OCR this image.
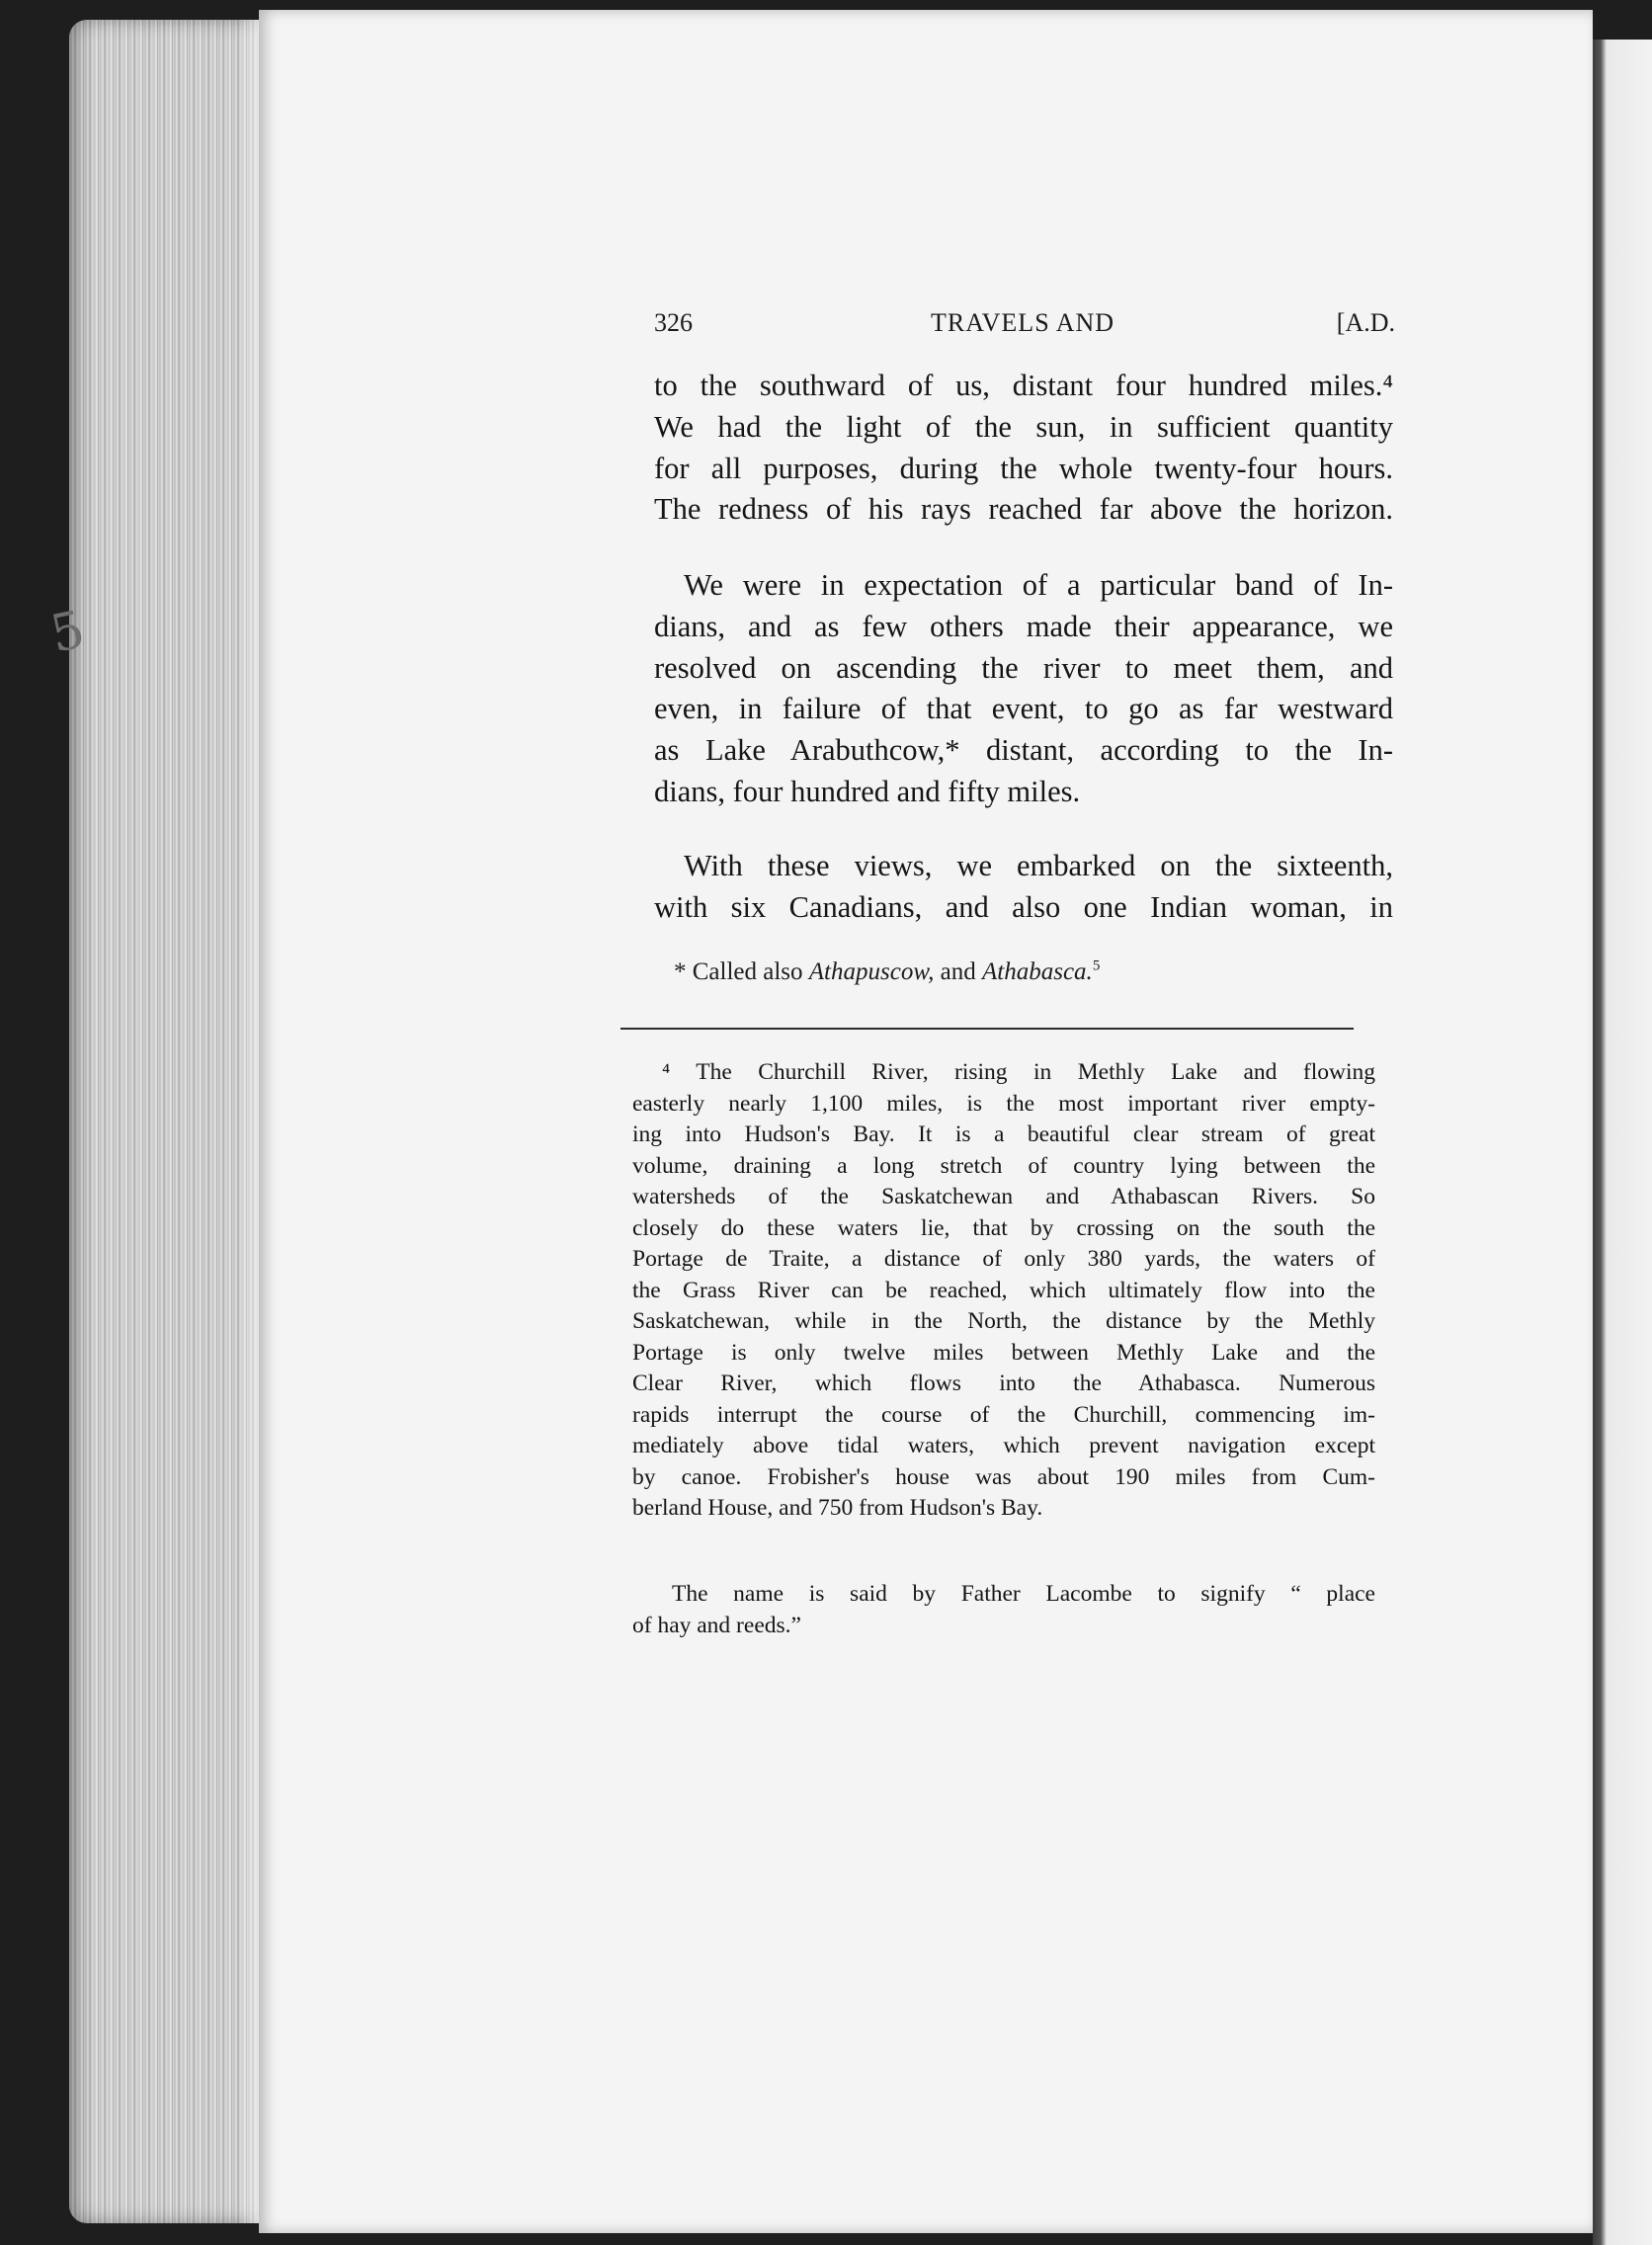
5
326	TRAVELS AND	[A.D.
to the southward of us, distant four hundred miles.⁴
We had the light of the sun, in sufficient quantity
for all purposes, during the whole twenty-four hours.
The redness of his rays reached far above the horizon.
We were in expectation of a particular band of In-
dians, and as few others made their appearance, we
resolved on ascending the river to meet them, and
even, in failure of that event, to go as far westward
as Lake Arabuthcow,* distant, according to the In-
dians, four hundred and fifty miles.
With these views, we embarked on the sixteenth,
with six Canadians, and also one Indian woman, in
* Called also Athapuscow, and Athabasca.$^5$
⁴ The Churchill River, rising in Methly Lake and flowing
easterly nearly 1,100 miles, is the most important river empty-
ing into Hudson's Bay. It is a beautiful clear stream of great
volume, draining a long stretch of country lying between the
watersheds of the Saskatchewan and Athabascan Rivers. So
closely do these waters lie, that by crossing on the south the
Portage de Traite, a distance of only 380 yards, the waters of
the Grass River can be reached, which ultimately flow into the
Saskatchewan, while in the North, the distance by the Methly
Portage is only twelve miles between Methly Lake and the
Clear River, which flows into the Athabasca. Numerous
rapids interrupt the course of the Churchill, commencing im-
mediately above tidal waters, which prevent navigation except
by canoe. Frobisher's house was about 190 miles from Cum-
berland House, and 750 from Hudson's Bay.
The name is said by Father Lacombe to signify “ place
of hay and reeds.”
